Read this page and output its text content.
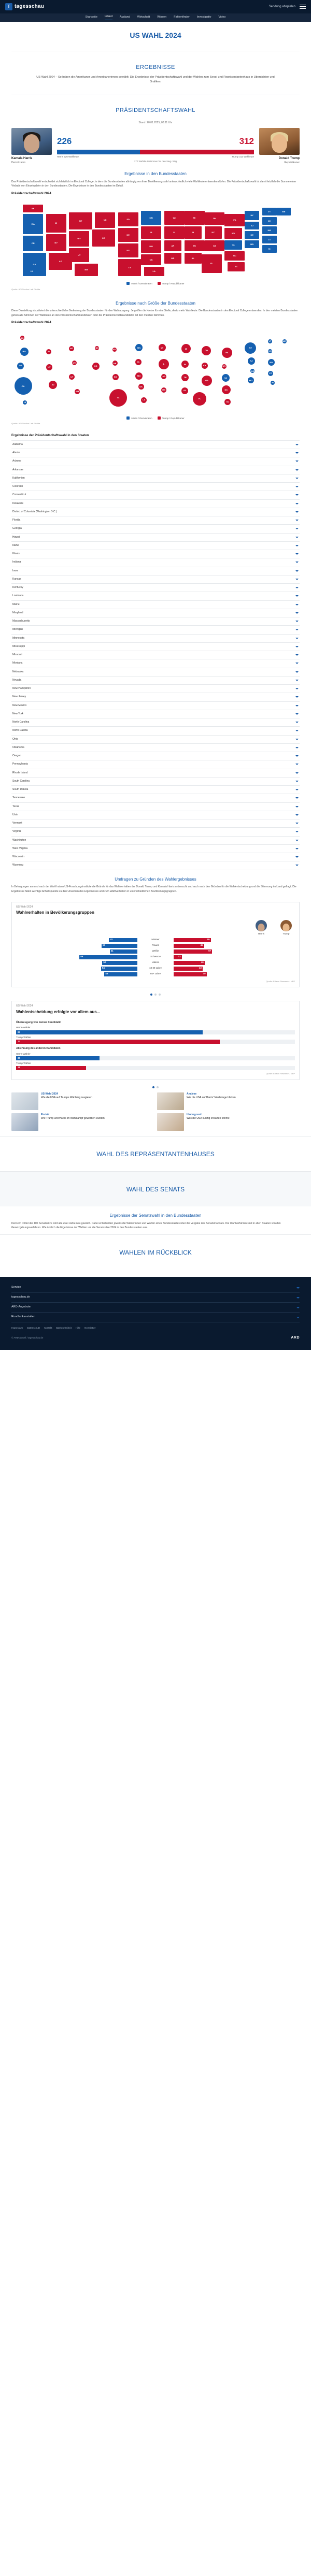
T tagesschau	Sendung abspielen
Startseite	Inland	Ausland	Wirtschaft	Wissen	Faktenfinder	Investigativ	Video
US WAHL 2024
ERGEBNISSE
US-Wahl 2024 – So haben die Amerikaner und Amerikanerinnen gewählt: Die Ergebnisse der Präsidentschaftswahl und der Wahlen zum Senat und Repräsentantenhaus in Ubersichten und Grafiken.
PRÄSIDENTSCHAFTSWAHL
Stand: 20.01.2025, 08:11 Uhr
Kamala Harris
Demokraten
226	312
Harris 226 Wahlleute	Trump 312 Wahlleute
270 Wahlleutestimmen für den Sieg nötig
Donald Trump
Republikaner
Ergebnisse in den Bundesstaaten

Das Präsidentschaftswahl entscheidet sich letztlich im Electoral College, in dem die Bundesstaaten abhängig von ihrer Bevölkerungszahl unterschiedlich viele Wahlleute entsenden dürfen. Die Präsidentschaftswahl ist damit letztlich die Summe einer Vielzahl von Einzelwahlen in den Bundesstaaten. Die Ergebnisse in den Bundesstaaten im Detail.

Präsidentschaftswahl 2024
WA
OR
CA
ID
NV
AZ
MT
WY
UT
NM
CO
ND	SD
NE
KS
TX
MN
IA
MO
OK
LA
WI
IL
AR
MS
MI
IN
TN
AL
OH
KY
GA
FL
PA
WV
VA
NC
SC
NY
NJ
DE
MD
VT
NH
MA
CT
RI
ME
HI
AK
Harris / Demokraten	Trump / Republikaner
Quelle: AP/Election Lab Florida
Ergebnisse nach Größe der Bundesstaaten

Diese Darstellung visualisiert die unterschiedliche Bedeutung der Bundesstaaten für den Wahlausgang. Je größer die Kreise für eine Stelle, desto mehr Wahlleute. Die Bundesstaaten in den Electoral College entsenden. In den meisten Bundesstaaten gehen alle Stimmen der Wahlleute an den Präsidentschaftskandidaten oder die Präsidentschaftskandidatin mit den meisten Stimmen.

Präsidentschaftswahl 2024
WA
OR
CA
ID
NV
AZ
MT
WY
UT
NM
CO
ND
SD
NE
KS
TX
MN
IA
MO
OK
LA
WI
IL
AR
MS
MI
IN
TN
AL
OH
KY
GA
FL
PA
WV
VA
NC
SC
NY
NJ
DE
MD
VT
NH
MA
CT
RI
ME
AK
HI
Harris / Demokraten	Trump / Republikaner
Quelle: AP/Election Lab Florida
Ergebnisse der Präsidentschaftswahl in den Staaten
Alabama
Alaska
Arizona
Arkansas
Kalifornien
Colorado
Connecticut
Delaware
District of Columbia (Washington D.C.)
Florida
Georgia
Hawaii
Idaho
Illinois
Indiana
Iowa
Kansas
Kentucky
Louisiana
Maine
Maryland
Massachusetts
Michigan
Minnesota
Mississippi
Missouri
Montana
Nebraska
Nevada
New Hampshire
New Jersey
New Mexico
New York
North Carolina
North Dakota
Ohio
Oklahoma
Oregon
Pennsylvania
Rhode Island
South Carolina
South Dakota
Tennessee
Texas
Utah
Vermont
Virginia
Washington
West Virginia
Wisconsin
Wyoming
Umfragen zu Gründen des Wahlergebnisses

In Befragungen am und nach der Wahl haben US-Forschungsinstitute die Gründe für das Wahlverhalten der Donald Trump und Kamala Harris untersucht und auch nach den Gründen für die Wahlentscheidung und die Stimmung im Land gefragt. Die Ergebnisse fallen wichtige Anhaltspunkte zu den Ursachen des Ergebnisses und zum Wahlverhalten in unterschiedlichen Bevölkerungsgruppen.

US-Wahl 2024
Wahlverhalten in Bevölkerungsgruppen
Harris	Trump
42	Männer	55
53	Frauen	45
41	Weiße	57
86	Schwarze	12
52	Latinos	46
54	18-29 Jahre	43
49	65+ Jahre	49
Quelle: Edison Research / NEP
US-Wahl 2024
Wahlentscheidung erfolgte vor allem aus...
Überzeugung von meiner Kandidatin
Harris-Wähler
67
Trump-Wähler
73
Ablehnung des anderen Kandidaten
Harris-Wähler
30
Trump-Wähler
25
Quelle: Edison Research / NEP
US-Wahl 2024
Wie die USA auf Trumps Wahlsieg reagieren
Analyse
Wie die USA auf Harris' Niederlage blicken
Porträt
Wie Trump und Harris im Wahlkampf geworben wurden
Hintergrund
Was die USA künftig erwarten könnte
WAHL DES REPRÄSENTANTENHAUSES
WAHL DES SENATS
Ergebnisse der Senatswahl in den Bundesstaaten

Denn im Drittel der 100 Senatssitze wird alle zwei Jahre neu gewählt. Dabei entscheiden jeweils die Wählerinnen und Wähler eines Bundesstaates über die Vergabe des Senatsmandats. Die Wahlverfahren sind in allen Staaten von den Gesetzgebungsverfahren. Wie ähnlich die Ergebnisse der Wahlen um die Senatssitze 2024 in den Bundesstaaten aus.

WAHLEN IM RÜCKBLICK
Service
tagesschau.de
ARD-Angebote
Rundfunkanstalten
Impressum Datenschutz Kontakt Barrierefreiheit Hilfe Newsletter
© ARD-aktuell / tagesschau.de	ARD
